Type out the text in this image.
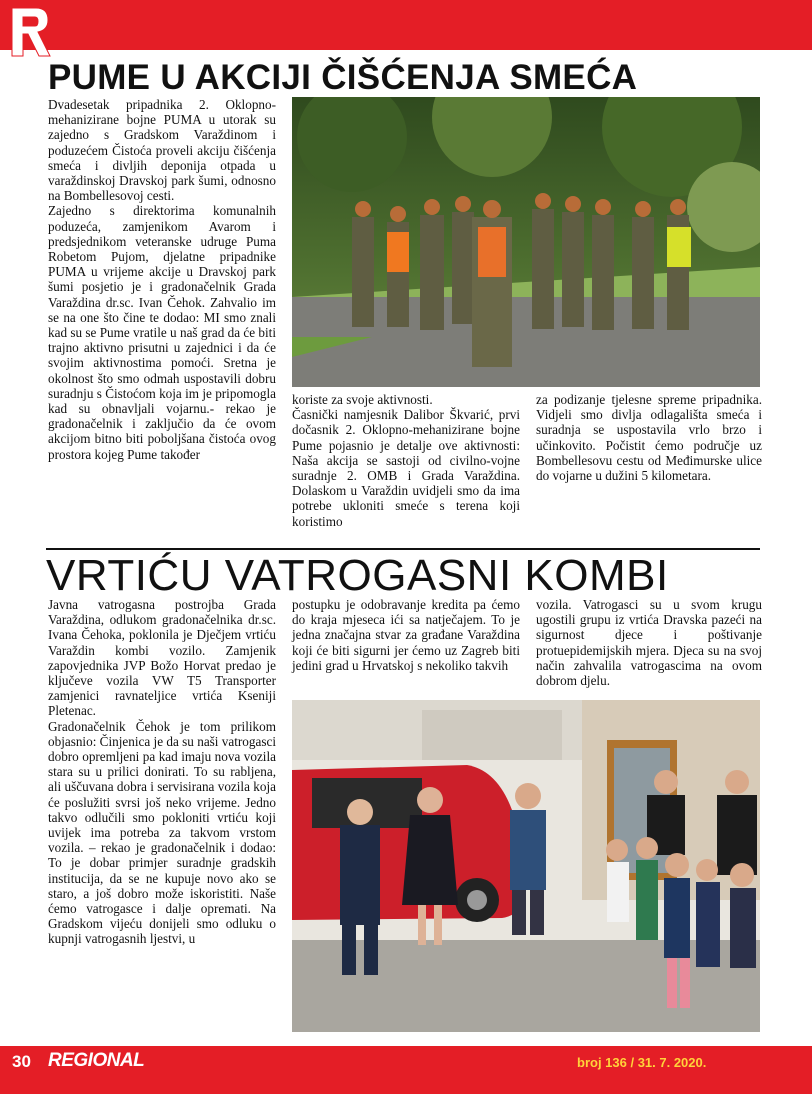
PUME U AKCIJI ČIŠĆENJA SMEĆA

Dvadesetak pripadnika 2. Oklopno-mehanizirane bojne PUMA u utorak su zajedno s Gradskom Varaždinom i poduzećem Čistoća proveli akciju čišćenja smeća i divljih deponija otpada u varaždinskoj Dravskoj park šumi, odnosno na Bombellesovoj cesti.

Zajedno s direktorima komunalnih poduzeća, zamjenikom Avarom i predsjednikom veteranske udruge Puma Robetom Pujom, djelatne pripadnike PUMA u vrijeme akcije u Dravskoj park šumi posjetio je i gradonačelnik Grada Varaždina dr.sc. Ivan Čehok. Zahvalio im se na one što čine te dodao: MI smo znali kad su se Pume vratile u naš grad da će biti trajno aktivno prisutni u zajednici i da će svojim aktivnostima pomoći. Sretna je okolnost što smo odmah uspostavili dobru suradnju s Čistoćom koja im je pripomogla kad su obnavljali vojarnu.- rekao je gradonačelnik i zaključio da će ovom akcijom bitno biti poboljšana čistoća ovog prostora kojeg Pume također

koriste za svoje aktivnosti.

Časnički namjesnik Dalibor Škvarić, prvi dočasnik 2. Oklopno-mehanizirane bojne Pume pojasnio je detalje ove aktivnosti: Naša akcija se sastoji od civilno-vojne suradnje 2. OMB i Grada Varaždina. Dolaskom u Varaždin uvidjeli smo da ima potrebe ukloniti smeće s terena koji koristimo

za podizanje tjelesne spreme pripadnika. Vidjeli smo divlja odlagališta smeća i suradnja se uspostavila vrlo brzo i učinkovito. Počistit ćemo područje uz Bombellesovu cestu od Međimurske ulice do vojarne u dužini 5 kilometara.

VRTIĆU VATROGASNI KOMBI

Javna vatrogasna postrojba Grada Varaždina, odlukom gradonačelnika dr.sc. Ivana Čehoka, poklonila je Dječjem vrtiću Varaždin kombi vozilo. Zamjenik zapovjednika JVP Božo Horvat predao je ključeve vozila VW T5 Transporter zamjenici ravnateljice vrtića Kseniji Pletenac.

Gradonačelnik Čehok je tom prilikom objasnio: Činjenica je da su naši vatrogasci dobro opremljeni pa kad imaju nova vozila stara su u prilici donirati. To su rabljena, ali uščuvana dobra i servisirana vozila koja će poslužiti svrsi još neko vrijeme. Jedno takvo odlučili smo pokloniti vrtiću koji uvijek ima potreba za takvom vrstom vozila. – rekao je gradonačelnik i dodao: To je dobar primjer suradnje gradskih institucija, da se ne kupuje novo ako se staro, a još dobro može iskoristiti. Naše ćemo vatrogasce i dalje opremati. Na Gradskom vijeću donijeli smo odluku o kupnji vatrogasnih ljestvi, u

postupku je odobravanje kredita pa ćemo do kraja mjeseca ići sa natječajem. To je jedna značajna stvar za građane Varaždina koji će biti sigurni jer ćemo uz Zagreb biti jedini grad u Hrvatskoj s nekoliko takvih

vozila. Vatrogasci su u svom krugu ugostili grupu iz vrtića Dravska pazeći na sigurnost djece i poštivanje protuepidemijskih mjera. Djeca su na svoj način zahvalila vatrogascima na ovom dobrom djelu.

30 REGIONAL	broj 136 / 31. 7. 2020.
